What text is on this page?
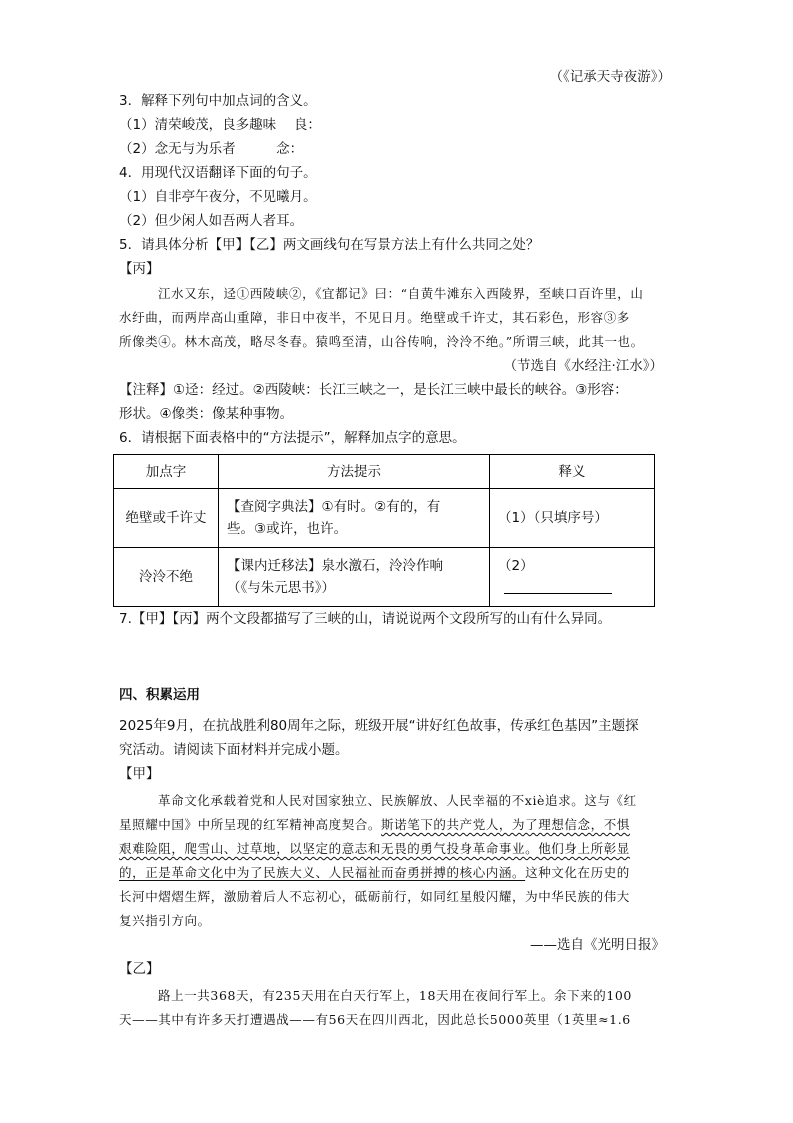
（《记承天寺夜游》）
3．解释下列句中加点词的含义。
（1）清荣峻茂，良多趣味　 良：
（2）念无与为乐者　　　念：
4．用现代汉语翻译下面的句子。
（1）自非亭午夜分，不见曦月。
（2）但少闲人如吾两人者耳。
5．请具体分析【甲】【乙】两文画线句在写景方法上有什么共同之处？
【丙】
江水又东，迳①西陵峡②，《宜都记》曰：“自黄牛滩东入西陵界，至峡口百许里，山
水纡曲，而两岸高山重障，非日中夜半，不见日月。绝壁或千许丈，其石彩色，形容③多
所像类④。林木高茂，略尽冬春。猿鸣至清，山谷传响，泠泠不绝。”所谓三峡，此其一也。
（节选自《水经注·江水》）
【注释】①迳：经过。②西陵峡：长江三峡之一，是长江三峡中最长的峡谷。③形容：
形状。④像类：像某种事物。
6．请根据下面表格中的“方法提示”，解释加点字的意思。
加点字	方法提示	释义
绝壁或千许丈	【查阅字典法】①有时。②有的，有
些。③或许，也许。	（1）（只填序号）
泠泠不绝	【课内迁移法】泉水激石，泠泠作响
（《与朱元思书》）	（2）
7.【甲】【丙】两个文段都描写了三峡的山，请说说两个文段所写的山有什么异同。
四、积累运用
2025年9月，在抗战胜利80周年之际，班级开展“讲好红色故事，传承红色基因”主题探
究活动。请阅读下面材料并完成小题。
【甲】
革命文化承载着党和人民对国家独立、民族解放、人民幸福的不xiè追求。这与《红
星照耀中国》中所呈现的红军精神高度契合。斯诺笔下的共产党人，为了理想信念，不惧
艰难险阻，爬雪山、过草地，以坚定的意志和无畏的勇气投身革命事业。他们身上所彰显
的，正是革命文化中为了民族大义、人民福祉而奋勇拼搏的核心内涵。这种文化在历史的
长河中熠熠生辉，激励着后人不忘初心，砥砺前行，如同红星般闪耀，为中华民族的伟大
复兴指引方向。
——选自《光明日报》
【乙】
路上一共368天，有235天用在白天行军上，18天用在夜间行军上。余下来的100
天——其中有许多天打遭遇战——有56天在四川西北，因此总长5000英里（1英里≈1.6
